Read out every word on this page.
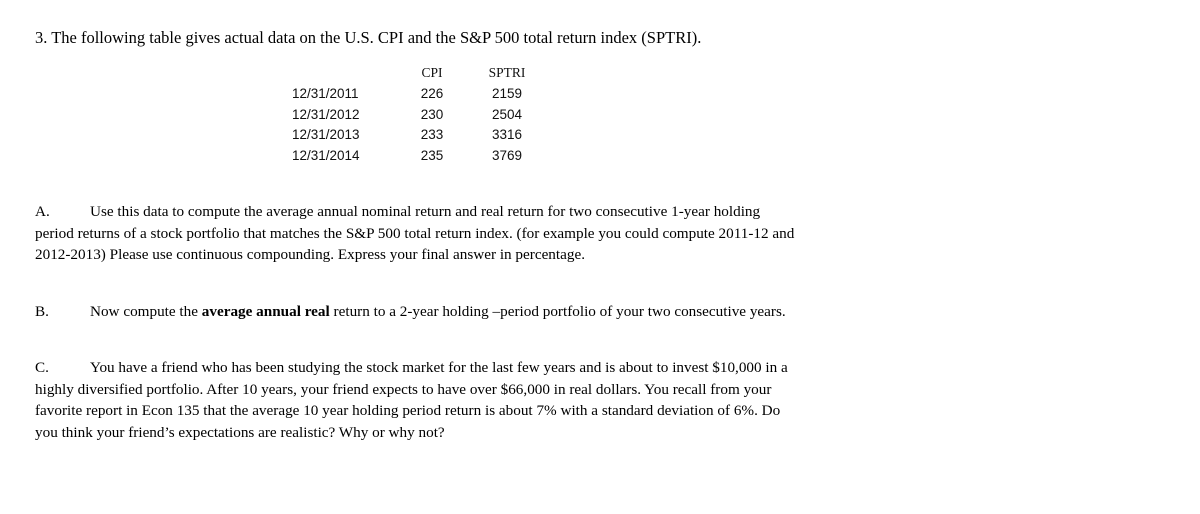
3. The following table gives actual data on the U.S. CPI and the S&P 500 total return index (SPTRI).
	CPI	SPTRI
12/31/2011	226	2159
12/31/2012	230	2504
12/31/2013	233	3316
12/31/2014	235	3769
A.	Use this data to compute the average annual nominal return and real return for two consecutive 1-year holding period returns of a stock portfolio that matches the S&P 500 total return index. (for example you could compute 2011-12 and 2012-2013) Please use continuous compounding. Express your final answer in percentage.
B.	Now compute the average annual real return to a 2-year holding –period portfolio of your two consecutive years.
C.	You have a friend who has been studying the stock market for the last few years and is about to invest $10,000 in a highly diversified portfolio. After 10 years, your friend expects to have over $66,000 in real dollars. You recall from your favorite report in Econ 135 that the average 10 year holding period return is about 7% with a standard deviation of 6%. Do you think your friend’s expectations are realistic? Why or why not?
